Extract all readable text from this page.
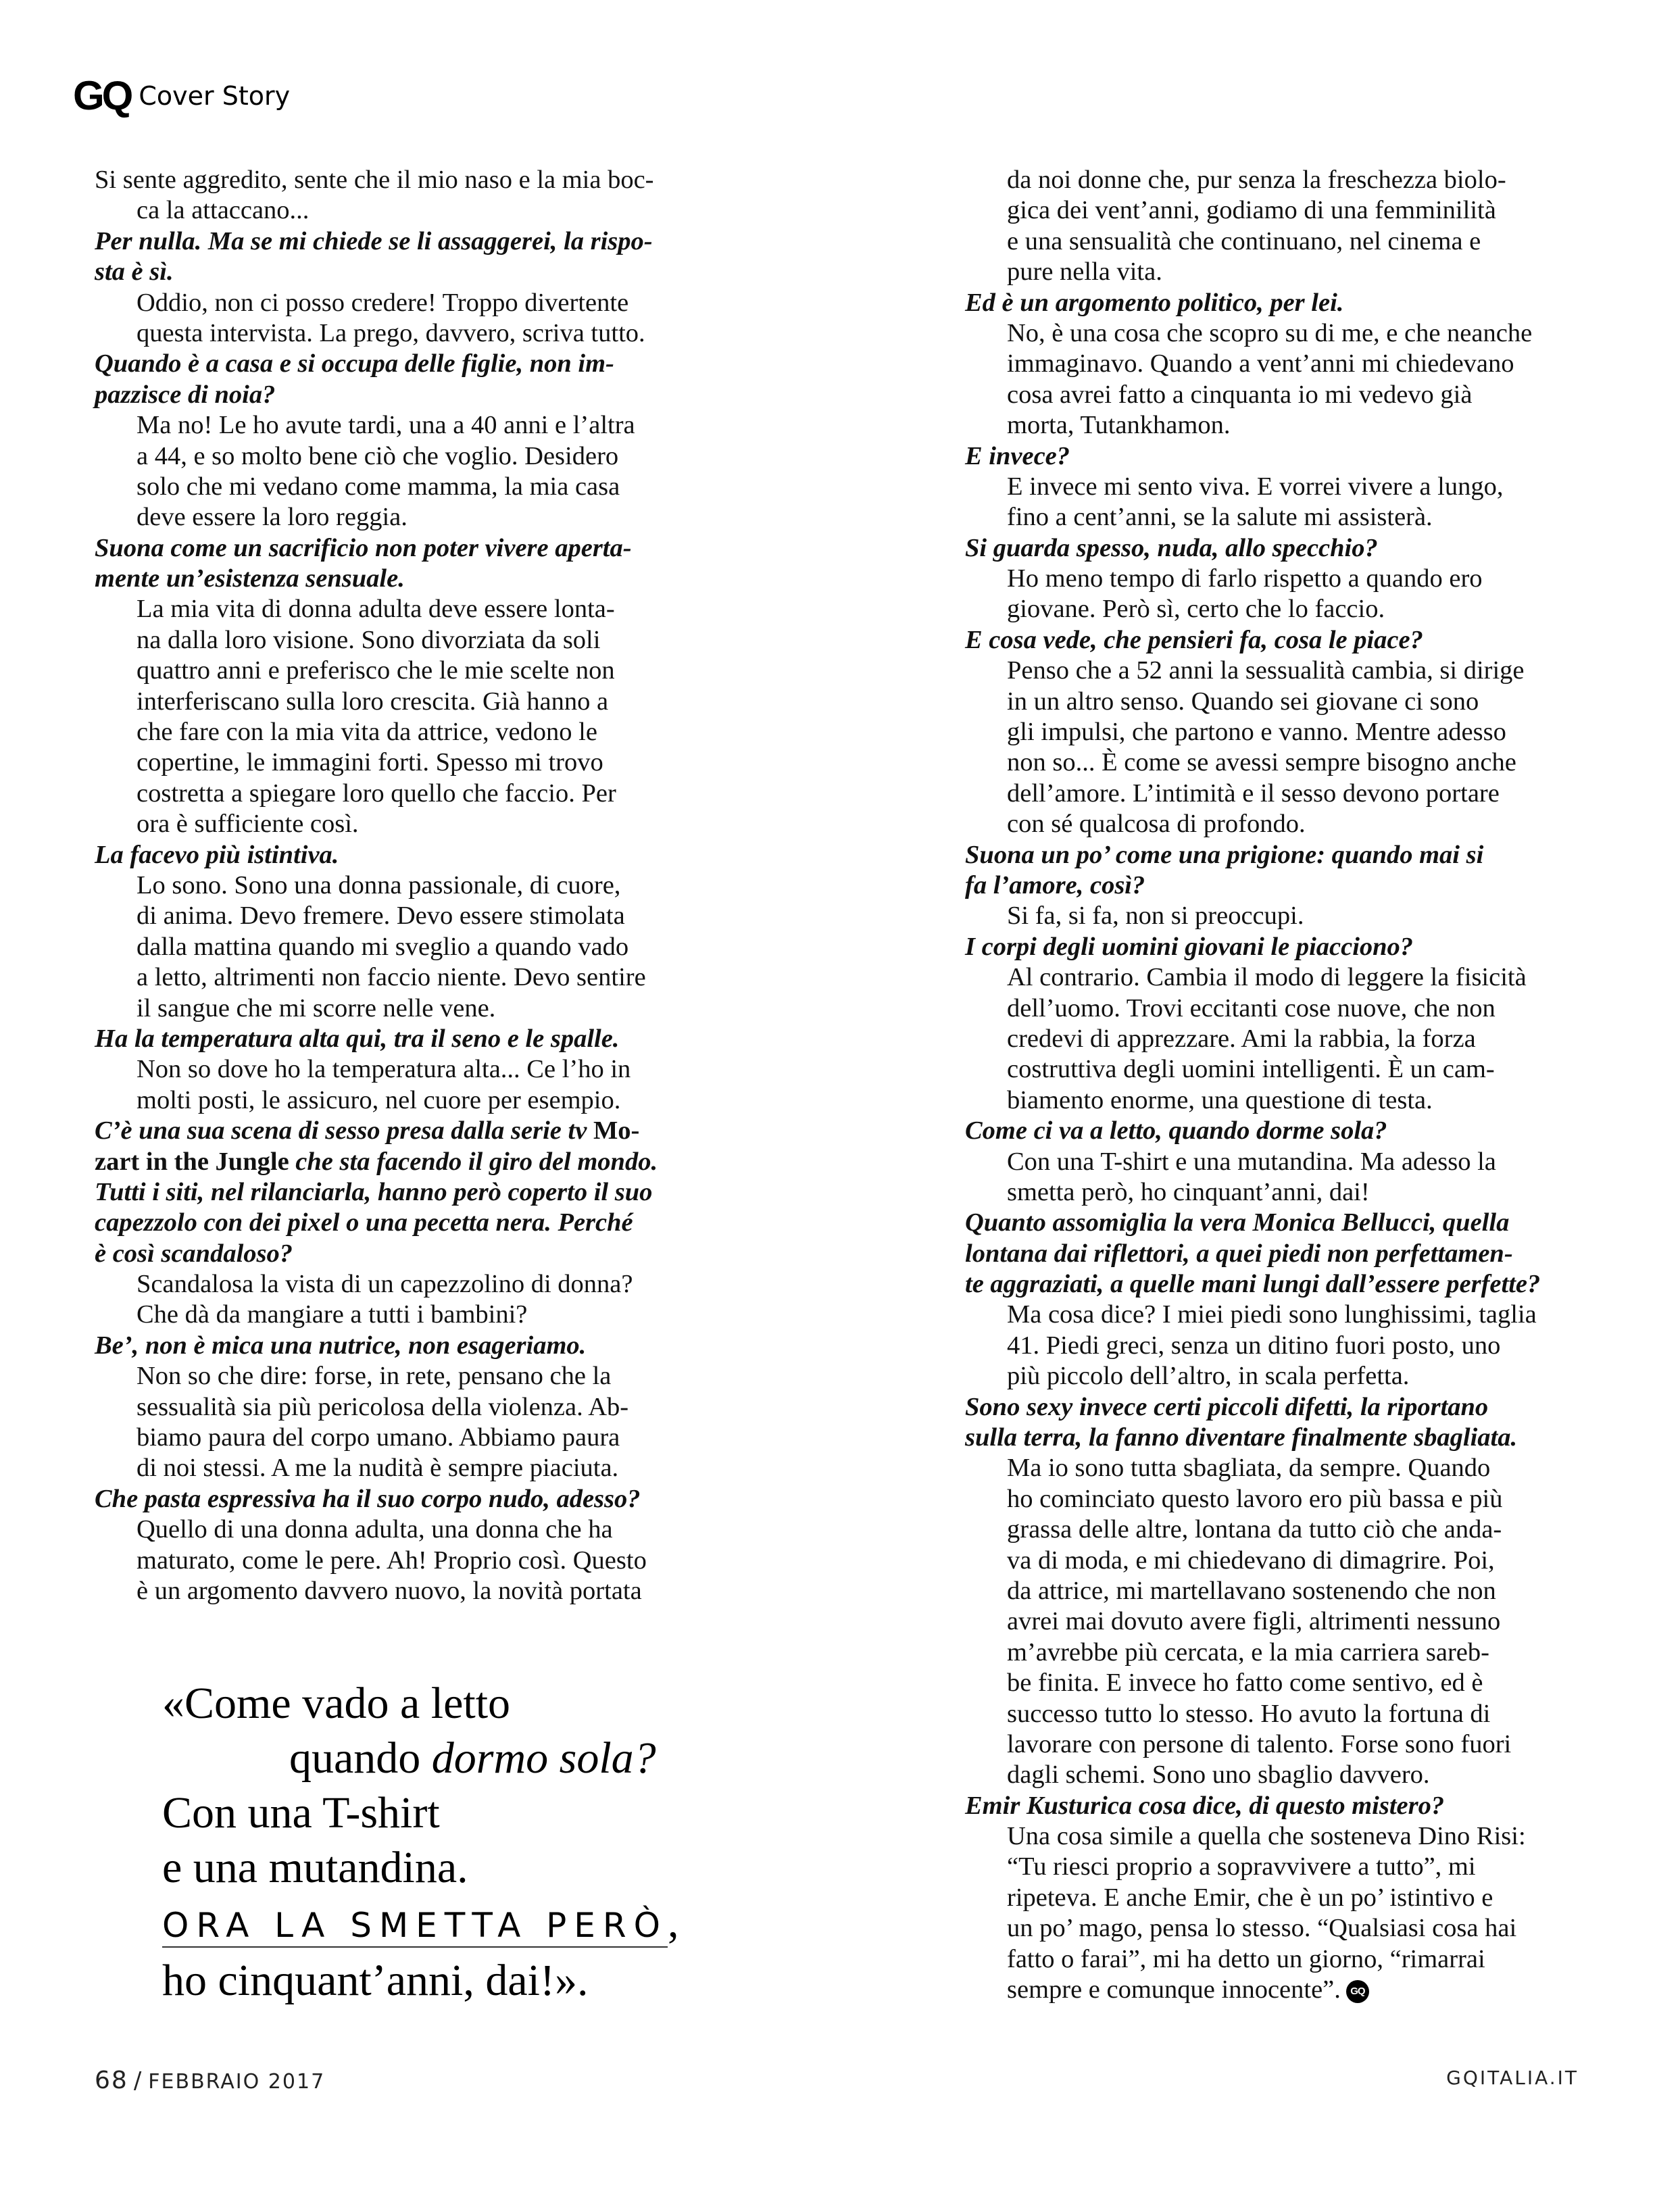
GQ Cover Story
Si sente aggredito, sente che il mio naso e la mia boc-
ca la attaccano...
Per nulla. Ma se mi chiede se li assaggerei, la rispo-
sta è sì.
Oddio, non ci posso credere! Troppo divertente
questa intervista. La prego, davvero, scriva tutto.
Quando è a casa e si occupa delle figlie, non im-
pazzisce di noia?
Ma no! Le ho avute tardi, una a 40 anni e l’altra
a 44, e so molto bene ciò che voglio. Desidero
solo che mi vedano come mamma, la mia casa
deve essere la loro reggia.
Suona come un sacrificio non poter vivere aperta-
mente un’esistenza sensuale.
La mia vita di donna adulta deve essere lonta-
na dalla loro visione. Sono divorziata da soli
quattro anni e preferisco che le mie scelte non
interferiscano sulla loro crescita. Già hanno a
che fare con la mia vita da attrice, vedono le
copertine, le immagini forti. Spesso mi trovo
costretta a spiegare loro quello che faccio. Per
ora è sufficiente così.
La facevo più istintiva.
Lo sono. Sono una donna passionale, di cuore,
di anima. Devo fremere. Devo essere stimolata
dalla mattina quando mi sveglio a quando vado
a letto, altrimenti non faccio niente. Devo sentire
il sangue che mi scorre nelle vene.
Ha la temperatura alta qui, tra il seno e le spalle.
Non so dove ho la temperatura alta... Ce l’ho in
molti posti, le assicuro, nel cuore per esempio.
C’è una sua scena di sesso presa dalla serie tv Mo-
zart in the Jungle che sta facendo il giro del mondo.
Tutti i siti, nel rilanciarla, hanno però coperto il suo
capezzolo con dei pixel o una pecetta nera. Perché
è così scandaloso?
Scandalosa la vista di un capezzolino di donna?
Che dà da mangiare a tutti i bambini?
Be’, non è mica una nutrice, non esageriamo.
Non so che dire: forse, in rete, pensano che la
sessualità sia più pericolosa della violenza. Ab-
biamo paura del corpo umano. Abbiamo paura
di noi stessi. A me la nudità è sempre piaciuta.
Che pasta espressiva ha il suo corpo nudo, adesso?
Quello di una donna adulta, una donna che ha
maturato, come le pere. Ah! Proprio così. Questo
è un argomento davvero nuovo, la novità portata
da noi donne che, pur senza la freschezza biolo-
gica dei vent’anni, godiamo di una femminilità
e una sensualità che continuano, nel cinema e
pure nella vita.
Ed è un argomento politico, per lei.
No, è una cosa che scopro su di me, e che neanche
immaginavo. Quando a vent’anni mi chiedevano
cosa avrei fatto a cinquanta io mi vedevo già
morta, Tutankhamon.
E invece?
E invece mi sento viva. E vorrei vivere a lungo,
fino a cent’anni, se la salute mi assisterà.
Si guarda spesso, nuda, allo specchio?
Ho meno tempo di farlo rispetto a quando ero
giovane. Però sì, certo che lo faccio.
E cosa vede, che pensieri fa, cosa le piace?
Penso che a 52 anni la sessualità cambia, si dirige
in un altro senso. Quando sei giovane ci sono
gli impulsi, che partono e vanno. Mentre adesso
non so... È come se avessi sempre bisogno anche
dell’amore. L’intimità e il sesso devono portare
con sé qualcosa di profondo.
Suona un po’ come una prigione: quando mai si
fa l’amore, così?
Si fa, si fa, non si preoccupi.
I corpi degli uomini giovani le piacciono?
Al contrario. Cambia il modo di leggere la fisicità
dell’uomo. Trovi eccitanti cose nuove, che non
credevi di apprezzare. Ami la rabbia, la forza
costruttiva degli uomini intelligenti. È un cam-
biamento enorme, una questione di testa.
Come ci va a letto, quando dorme sola?
Con una T-shirt e una mutandina. Ma adesso la
smetta però, ho cinquant’anni, dai!
Quanto assomiglia la vera Monica Bellucci, quella
lontana dai riflettori, a quei piedi non perfettamen-
te aggraziati, a quelle mani lungi dall’essere perfette?
Ma cosa dice? I miei piedi sono lunghissimi, taglia
41. Piedi greci, senza un ditino fuori posto, uno
più piccolo dell’altro, in scala perfetta.
Sono sexy invece certi piccoli difetti, la riportano
sulla terra, la fanno diventare finalmente sbagliata.
Ma io sono tutta sbagliata, da sempre. Quando
ho cominciato questo lavoro ero più bassa e più
grassa delle altre, lontana da tutto ciò che anda-
va di moda, e mi chiedevano di dimagrire. Poi,
da attrice, mi martellavano sostenendo che non
avrei mai dovuto avere figli, altrimenti nessuno
m’avrebbe più cercata, e la mia carriera sareb-
be finita. E invece ho fatto come sentivo, ed è
successo tutto lo stesso. Ho avuto la fortuna di
lavorare con persone di talento. Forse sono fuori
dagli schemi. Sono uno sbaglio davvero.
Emir Kusturica cosa dice, di questo mistero?
Una cosa simile a quella che sosteneva Dino Risi:
“Tu riesci proprio a sopravvivere a tutto”, mi
ripeteva. E anche Emir, che è un po’ istintivo e
un po’ mago, pensa lo stesso. “Qualsiasi cosa hai
fatto o farai”, mi ha detto un giorno, “rimarrai
sempre e comunque innocente”. GQ
«Come vado a letto
quando dormo sola?
Con una T-shirt
e una mutandina.
ORA LA SMETTA PERÒ,
ho cinquant’anni, dai!».
68 / FEBBRAIO 2017	GQITALIA.IT
